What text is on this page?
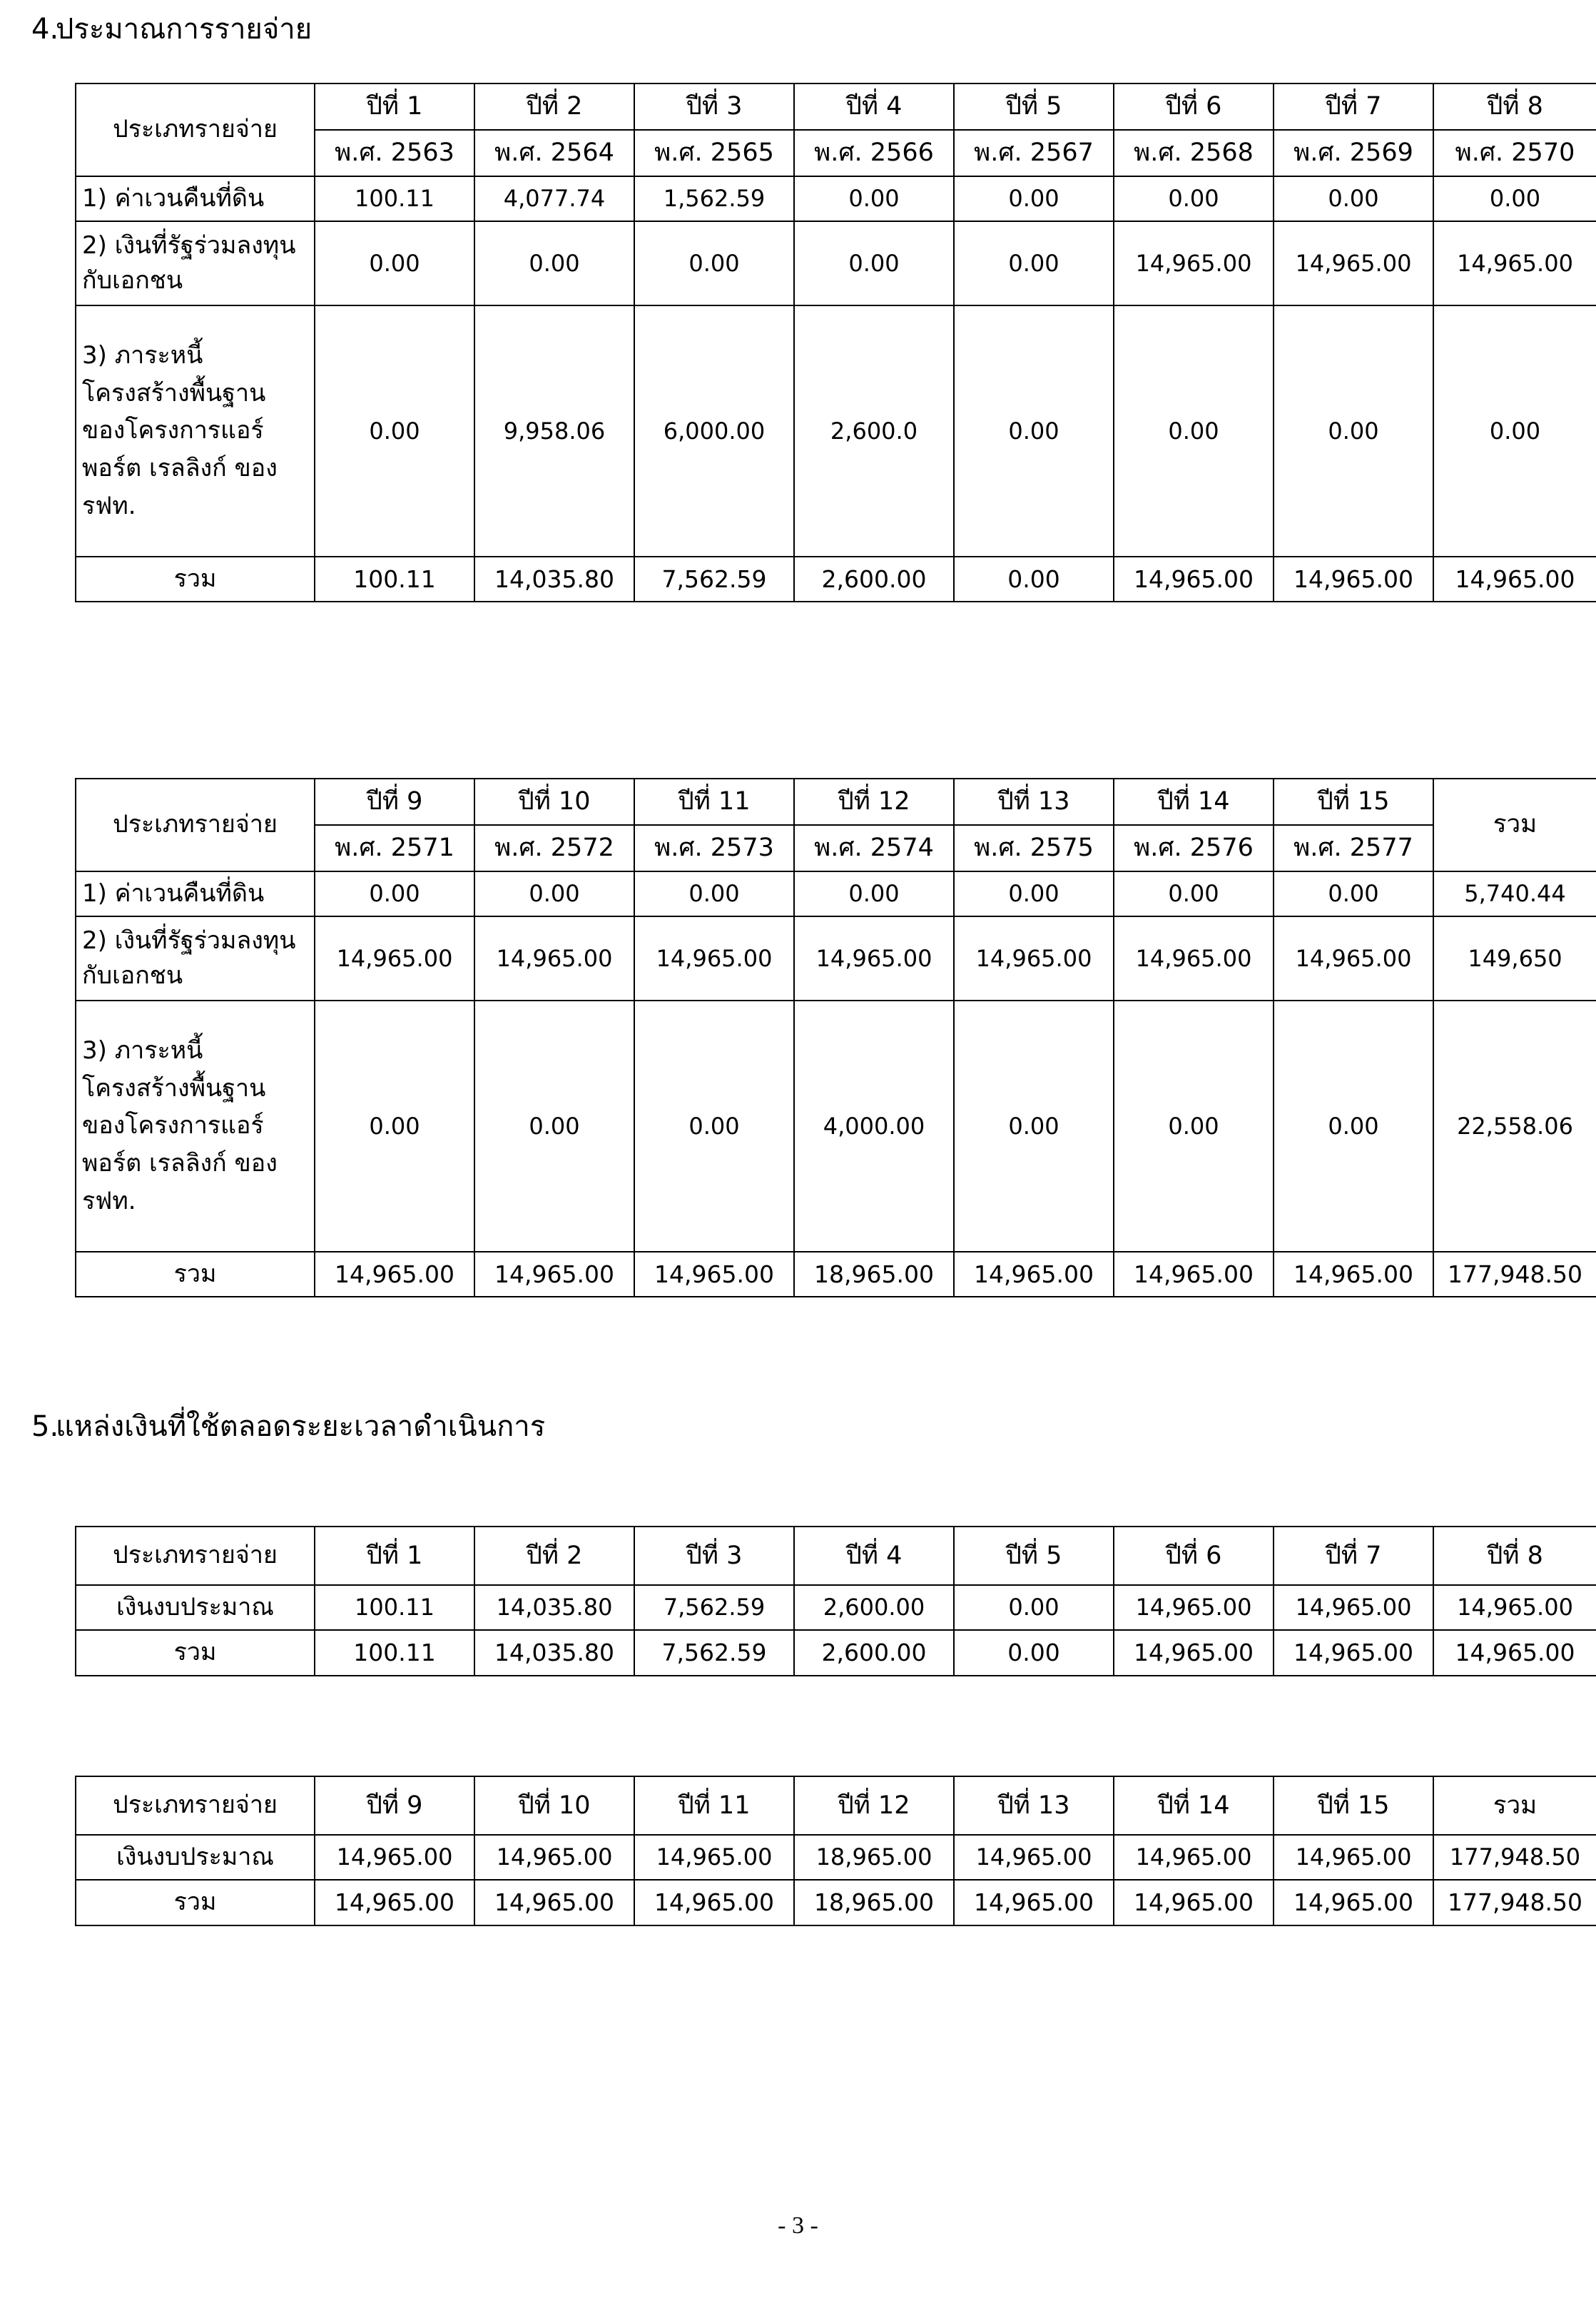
4.
ประมาณการรายจ่าย
ประเภทรายจ่าย	ปีที่ 1	ปีที่ 2	ปีที่ 3	ปีที่ 4	ปีที่ 5	ปีที่ 6	ปีที่ 7	ปีที่ 8
	พ.ศ. 2563	พ.ศ. 2564	พ.ศ. 2565	พ.ศ. 2566	พ.ศ. 2567	พ.ศ. 2568	พ.ศ. 2569	พ.ศ. 2570
1) ค่าเวนคืนที่ดิน	100.11	4,077.74	1,562.59	0.00	0.00	0.00	0.00	0.00
2) เงินที่รัฐร่วมลงทุนกับเอกชน	0.00	0.00	0.00	0.00	0.00	14,965.00	14,965.00	14,965.00
3) ภาระหนี้โครงสร้างพื้นฐานของโครงการแอร์พอร์ต เรลลิงก์ ของ รฟท.	0.00	9,958.06	6,000.00	2,600.0	0.00	0.00	0.00	0.00
รวม	100.11	14,035.80	7,562.59	2,600.00	0.00	14,965.00	14,965.00	14,965.00
ประเภทรายจ่าย	ปีที่ 9	ปีที่ 10	ปีที่ 11	ปีที่ 12	ปีที่ 13	ปีที่ 14	ปีที่ 15	รวม
	พ.ศ. 2571	พ.ศ. 2572	พ.ศ. 2573	พ.ศ. 2574	พ.ศ. 2575	พ.ศ. 2576	พ.ศ. 2577	
1) ค่าเวนคืนที่ดิน	0.00	0.00	0.00	0.00	0.00	0.00	0.00	5,740.44
2) เงินที่รัฐร่วมลงทุนกับเอกชน	14,965.00	14,965.00	14,965.00	14,965.00	14,965.00	14,965.00	14,965.00	149,650
3) ภาระหนี้โครงสร้างพื้นฐานของโครงการแอร์พอร์ต เรลลิงก์ ของ รฟท.	0.00	0.00	0.00	4,000.00	0.00	0.00	0.00	22,558.06
รวม	14,965.00	14,965.00	14,965.00	18,965.00	14,965.00	14,965.00	14,965.00	177,948.50
5.
แหล่งเงินที่ใช้ตลอดระยะเวลาดำเนินการ
ประเภทรายจ่าย	ปีที่ 1	ปีที่ 2	ปีที่ 3	ปีที่ 4	ปีที่ 5	ปีที่ 6	ปีที่ 7	ปีที่ 8
เงินงบประมาณ	100.11	14,035.80	7,562.59	2,600.00	0.00	14,965.00	14,965.00	14,965.00
รวม	100.11	14,035.80	7,562.59	2,600.00	0.00	14,965.00	14,965.00	14,965.00
ประเภทรายจ่าย	ปีที่ 9	ปีที่ 10	ปีที่ 11	ปีที่ 12	ปีที่ 13	ปีที่ 14	ปีที่ 15	รวม
เงินงบประมาณ	14,965.00	14,965.00	14,965.00	18,965.00	14,965.00	14,965.00	14,965.00	177,948.50
รวม	14,965.00	14,965.00	14,965.00	18,965.00	14,965.00	14,965.00	14,965.00	177,948.50
- 3 -
